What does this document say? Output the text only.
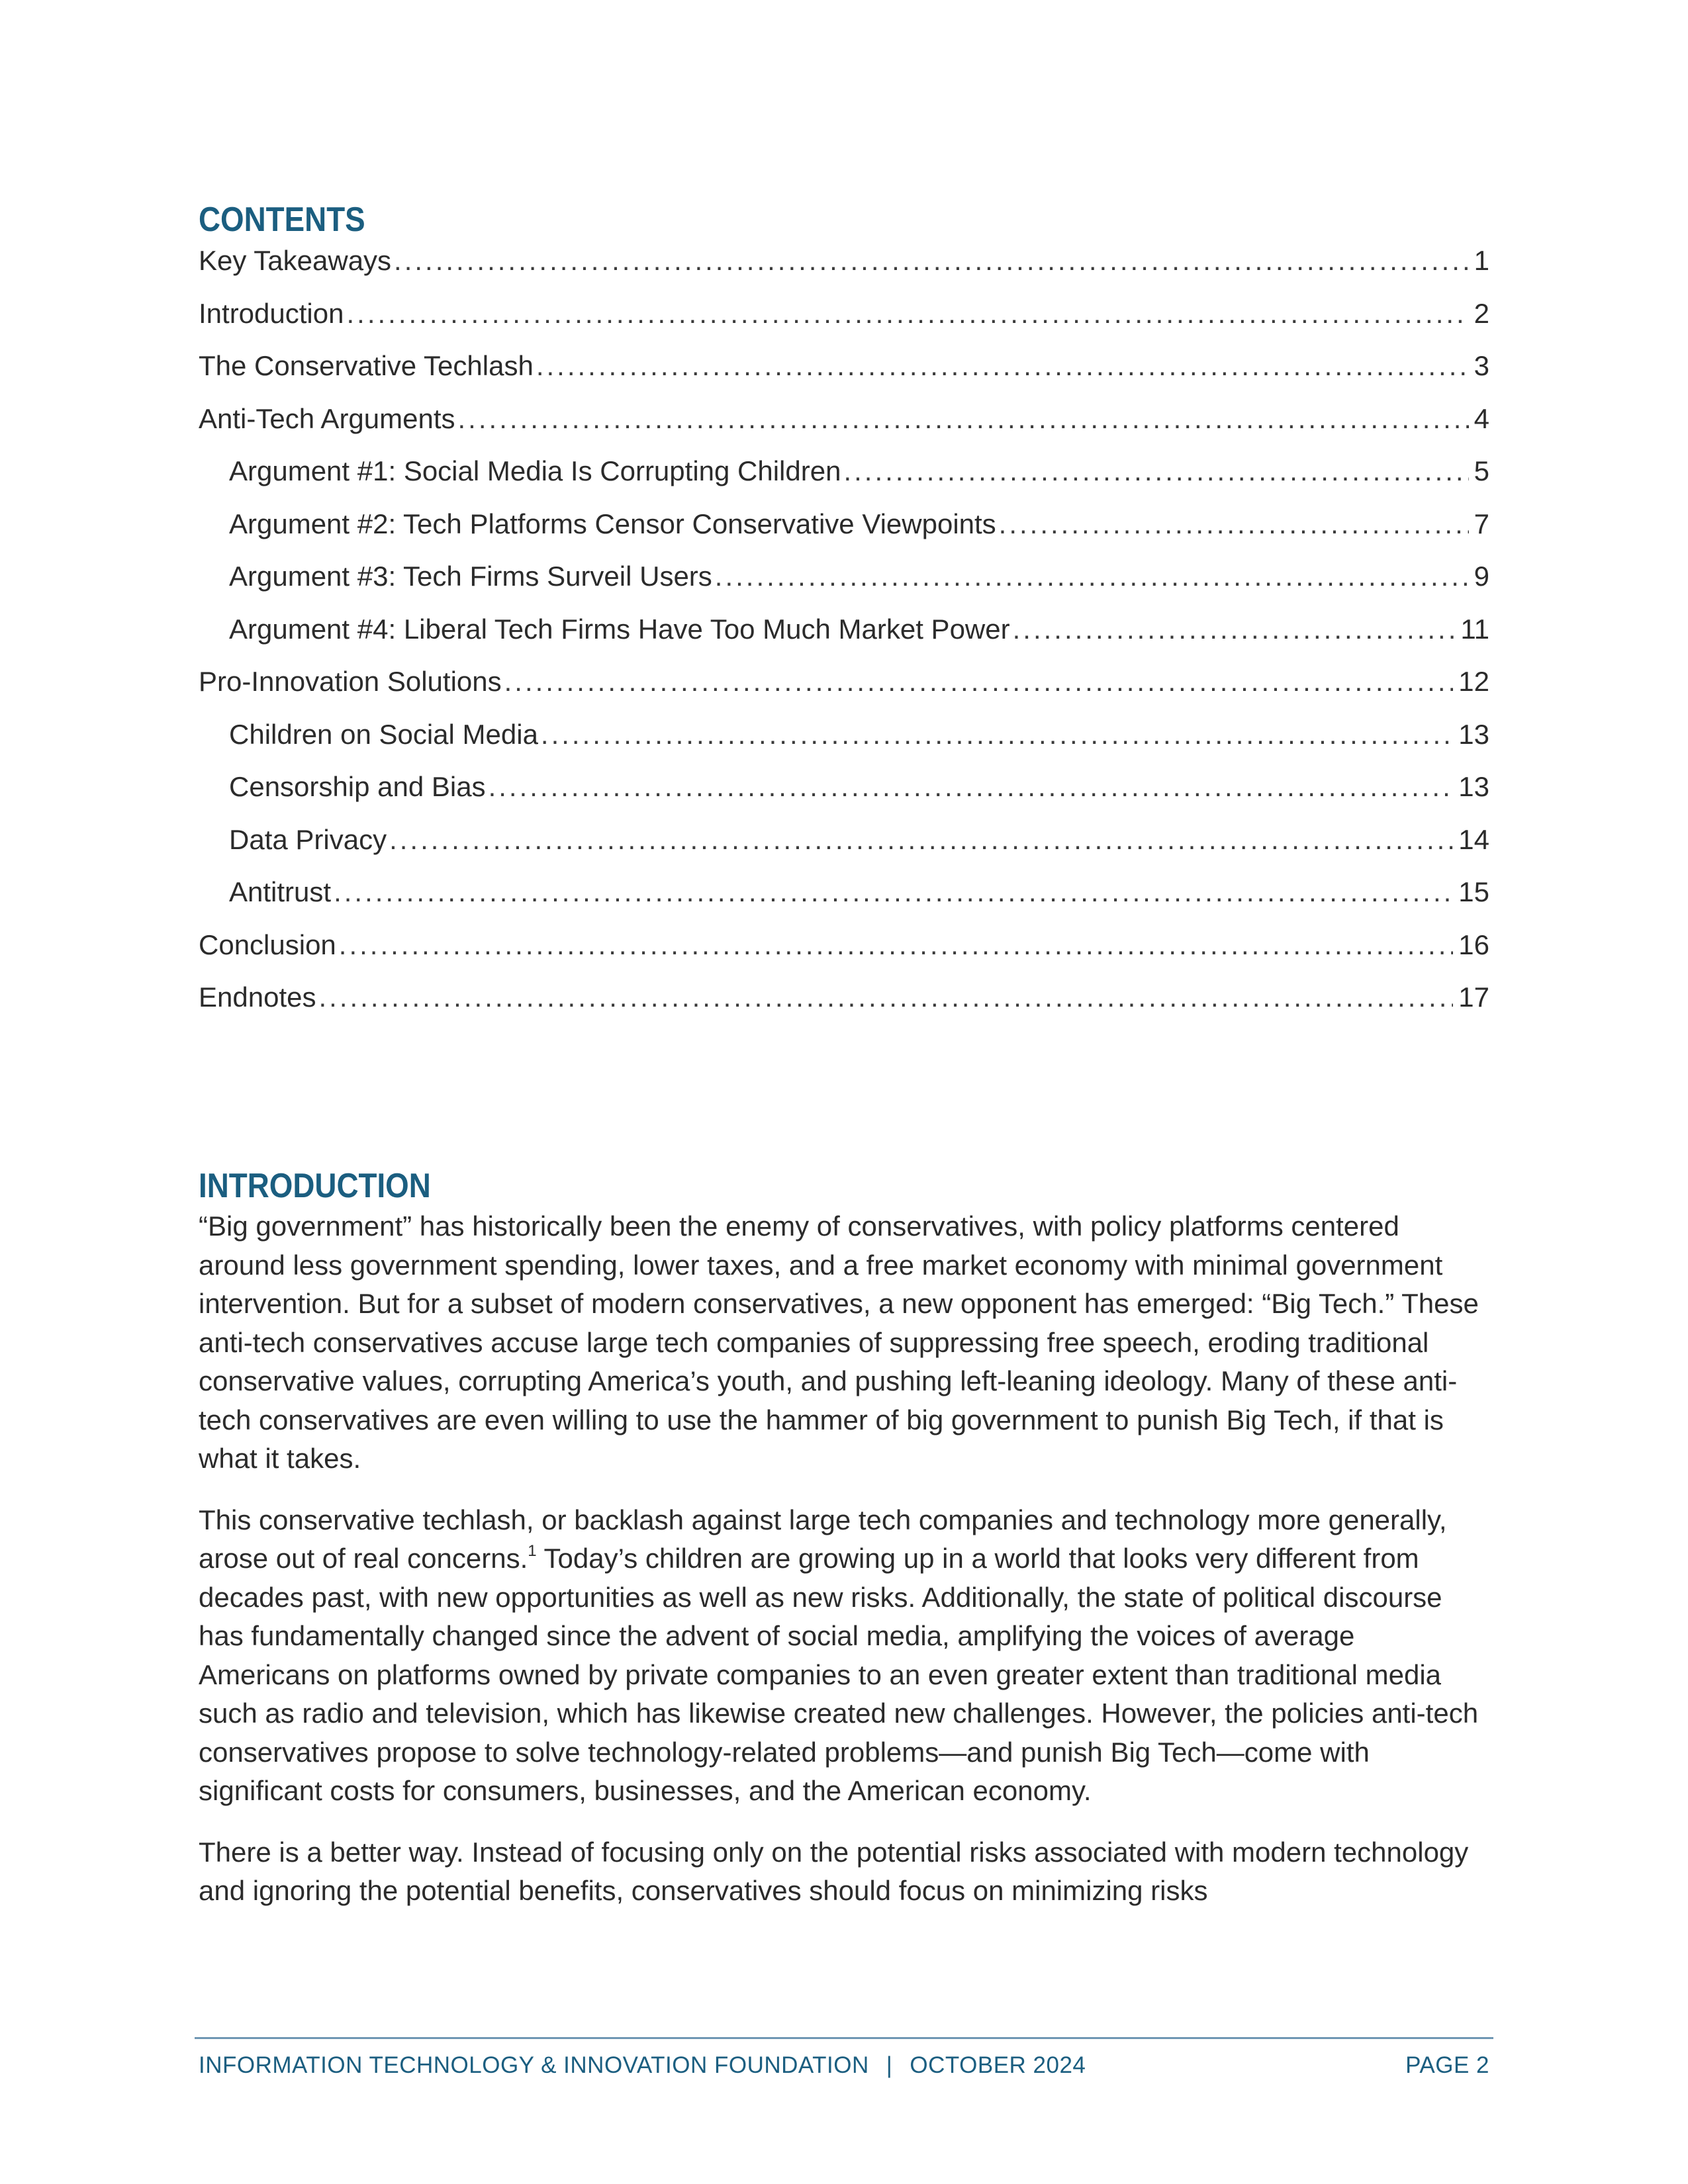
CONTENTS
Key Takeaways .....	1
Introduction .....	2
The Conservative Techlash .....	3
Anti-Tech Arguments .....	4
Argument #1: Social Media Is Corrupting Children .....	5
Argument #2: Tech Platforms Censor Conservative Viewpoints .....	7
Argument #3: Tech Firms Surveil Users .....	9
Argument #4: Liberal Tech Firms Have Too Much Market Power .....	11
Pro-Innovation Solutions .....	12
Children on Social Media .....	13
Censorship and Bias .....	13
Data Privacy .....	14
Antitrust .....	15
Conclusion .....	16
Endnotes .....	17
INTRODUCTION

“Big government” has historically been the enemy of conservatives, with policy platforms centered around less government spending, lower taxes, and a free market economy with minimal government intervention. But for a subset of modern conservatives, a new opponent has emerged: “Big Tech.” These anti-tech conservatives accuse large tech companies of suppressing free speech, eroding traditional conservative values, corrupting America’s youth, and pushing left-leaning ideology. Many of these anti-tech conservatives are even willing to use the hammer of big government to punish Big Tech, if that is what it takes.

This conservative techlash, or backlash against large tech companies and technology more generally, arose out of real concerns.$^1$ Today’s children are growing up in a world that looks very different from decades past, with new opportunities as well as new risks. Additionally, the state of political discourse has fundamentally changed since the advent of social media, amplifying the voices of average Americans on platforms owned by private companies to an even greater extent than traditional media such as radio and television, which has likewise created new challenges. However, the policies anti-tech conservatives propose to solve technology-related problems—and punish Big Tech—come with significant costs for consumers, businesses, and the American economy.

There is a better way. Instead of focusing only on the potential risks associated with modern technology and ignoring the potential benefits, conservatives should focus on minimizing risks

INFORMATION TECHNOLOGY & INNOVATION FOUNDATION | OCTOBER 2024	PAGE 2
